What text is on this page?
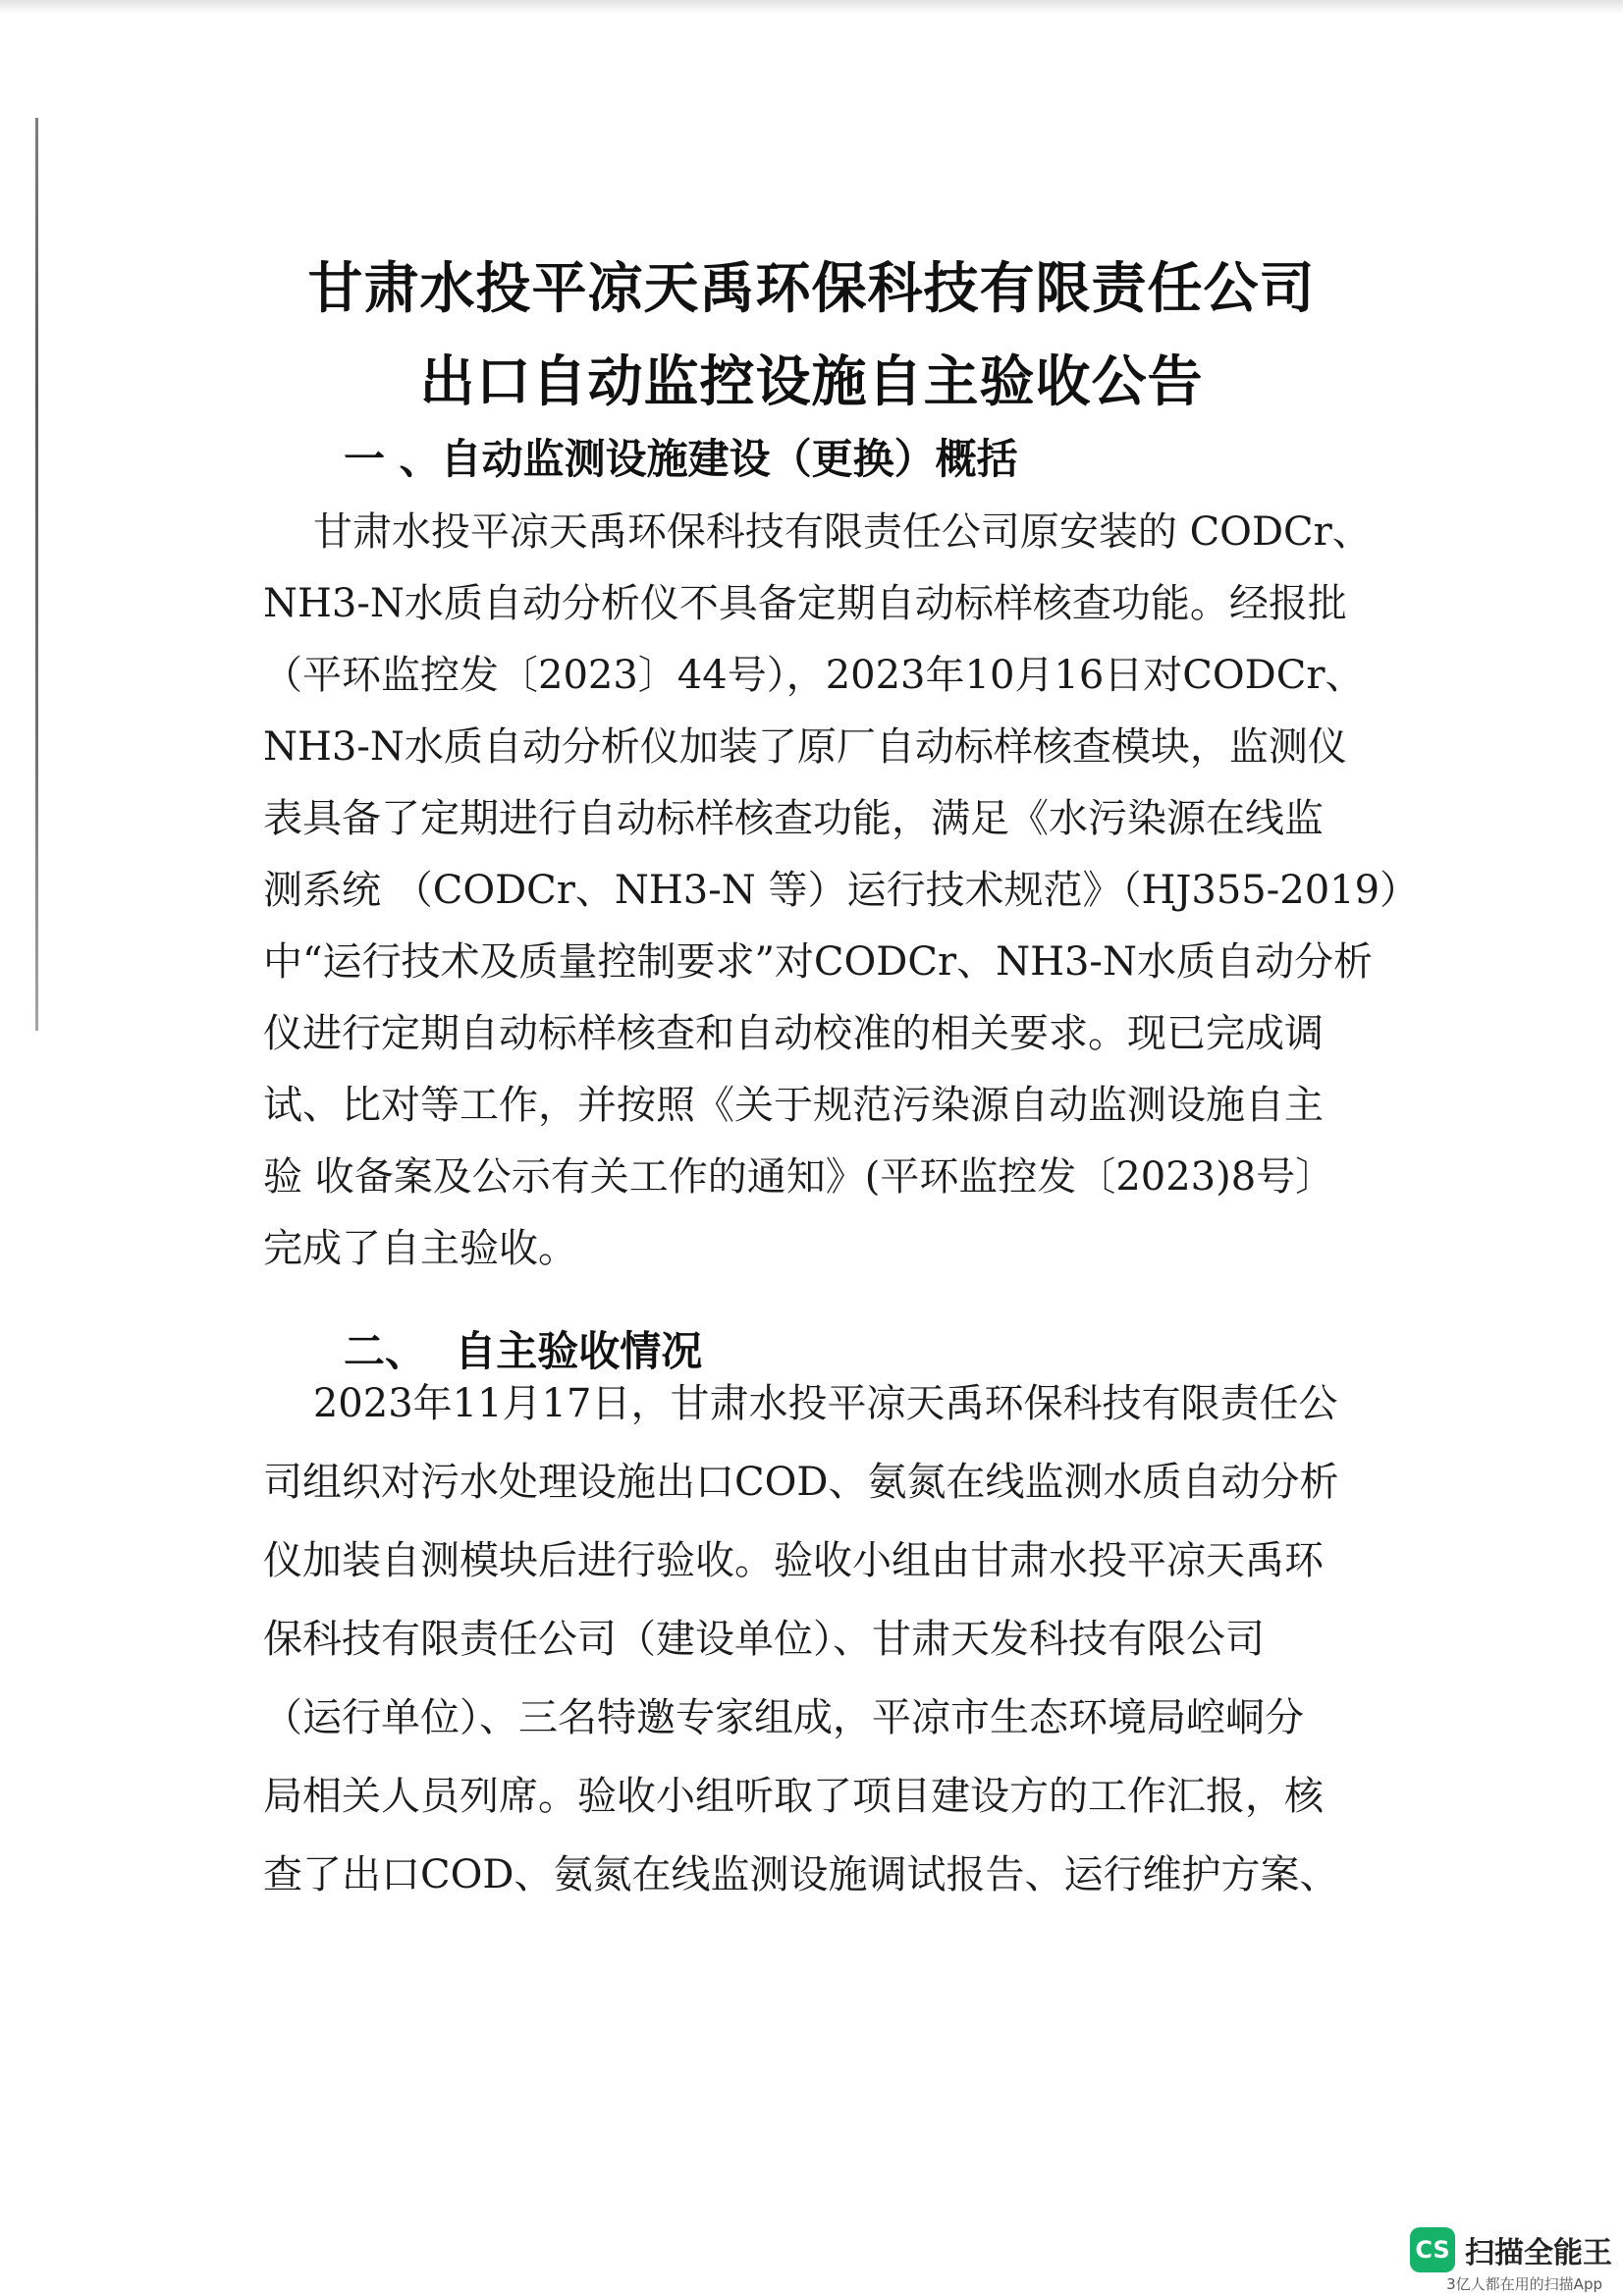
甘肃水投平凉天禹环保科技有限责任公司
出口自动监控设施自主验收公告
一 、自动监测设施建设（更换）概括
甘肃水投平凉天禹环保科技有限责任公司原安装的 CODCr、
NH3-N水质自动分析仪不具备定期自动标样核查功能。经报批
（平环监控发〔2023〕44号），2023年10月16日对CODCr、
NH3-N水质自动分析仪加装了原厂自动标样核查模块，监测仪
表具备了定期进行自动标样核查功能，满足《水污染源在线监
测系统 （CODCr、NH3-N 等）运行技术规范》（HJ355-2019）
中“运行技术及质量控制要求”对CODCr、NH3-N水质自动分析
仪进行定期自动标样核查和自动校准的相关要求。现已完成调
试、比对等工作，并按照《关于规范污染源自动监测设施自主
验 收备案及公示有关工作的通知》(平环监控发〔2023)8号〕
完成了自主验收。
二、  自主验收情况
2023年11月17日，甘肃水投平凉天禹环保科技有限责任公
司组织对污水处理设施出口COD、氨氮在线监测水质自动分析
仪加装自测模块后进行验收。验收小组由甘肃水投平凉天禹环
保科技有限责任公司（建设单位）、甘肃天发科技有限公司
（运行单位）、三名特邀专家组成，平凉市生态环境局崆峒分
局相关人员列席。验收小组听取了项目建设方的工作汇报，核
查了出口COD、氨氮在线监测设施调试报告、运行维护方案、
CS 扫描全能王
3亿人都在用的扫描App
